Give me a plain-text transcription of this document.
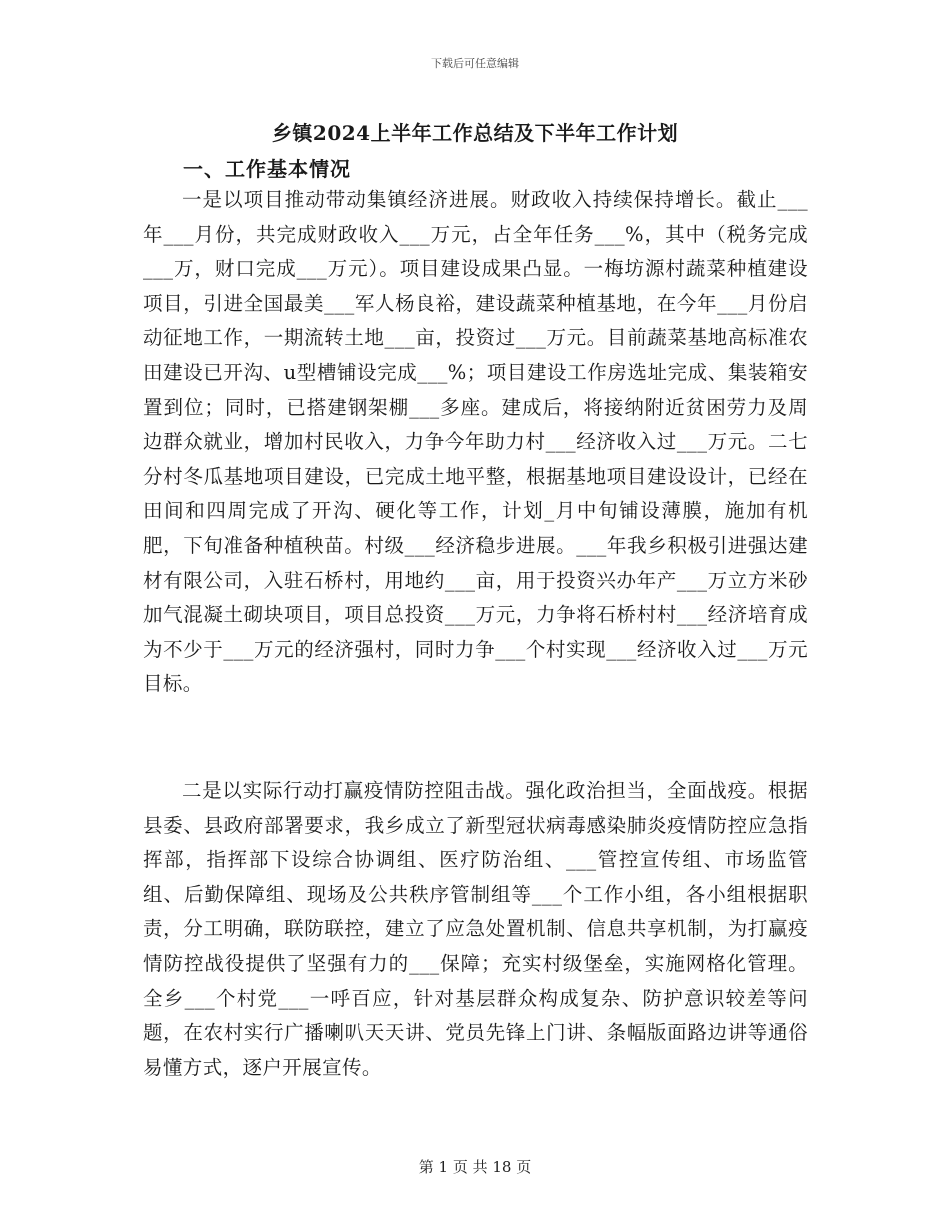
下载后可任意编辑
乡镇2024上半年工作总结及下半年工作计划
一、工作基本情况

一是以项目推动带动集镇经济进展。财政收入持续保持增长。截止___年___月份，共完成财政收入___万元，占全年任务___%，其中（税务完成___万，财口完成___万元）。项目建设成果凸显。一梅坊源村蔬菜种植建设项目，引进全国最美___军人杨良裕，建设蔬菜种植基地，在今年___月份启动征地工作，一期流转土地___亩，投资过___万元。目前蔬菜基地高标准农田建设已开沟、u型槽铺设完成___%；项目建设工作房选址完成、集装箱安置到位；同时，已搭建钢架棚___多座。建成后，将接纳附近贫困劳力及周边群众就业，增加村民收入，力争今年助力村___经济收入过___万元。二七分村冬瓜基地项目建设，已完成土地平整，根据基地项目建设设计，已经在田间和四周完成了开沟、硬化等工作，计划_月中旬铺设薄膜，施加有机肥，下旬准备种植秧苗。村级___经济稳步进展。___年我乡积极引进强达建材有限公司，入驻石桥村，用地约___亩，用于投资兴办年产___万立方米砂加气混凝土砌块项目，项目总投资___万元，力争将石桥村村___经济培育成为不少于___万元的经济强村，同时力争___个村实现___经济收入过___万元目标。

二是以实际行动打赢疫情防控阻击战。强化政治担当，全面战疫。根据县委、县政府部署要求，我乡成立了新型冠状病毒感染肺炎疫情防控应急指挥部，指挥部下设综合协调组、医疗防治组、___管控宣传组、市场监管组、后勤保障组、现场及公共秩序管制组等___个工作小组，各小组根据职责，分工明确，联防联控，建立了应急处置机制、信息共享机制，为打赢疫情防控战役提供了坚强有力的___保障；充实村级堡垒，实施网格化管理。全乡___个村党___一呼百应，针对基层群众构成复杂、防护意识较差等问题，在农村实行广播喇叭天天讲、党员先锋上门讲、条幅版面路边讲等通俗易懂方式，逐户开展宣传。

第 1 页 共 18 页
